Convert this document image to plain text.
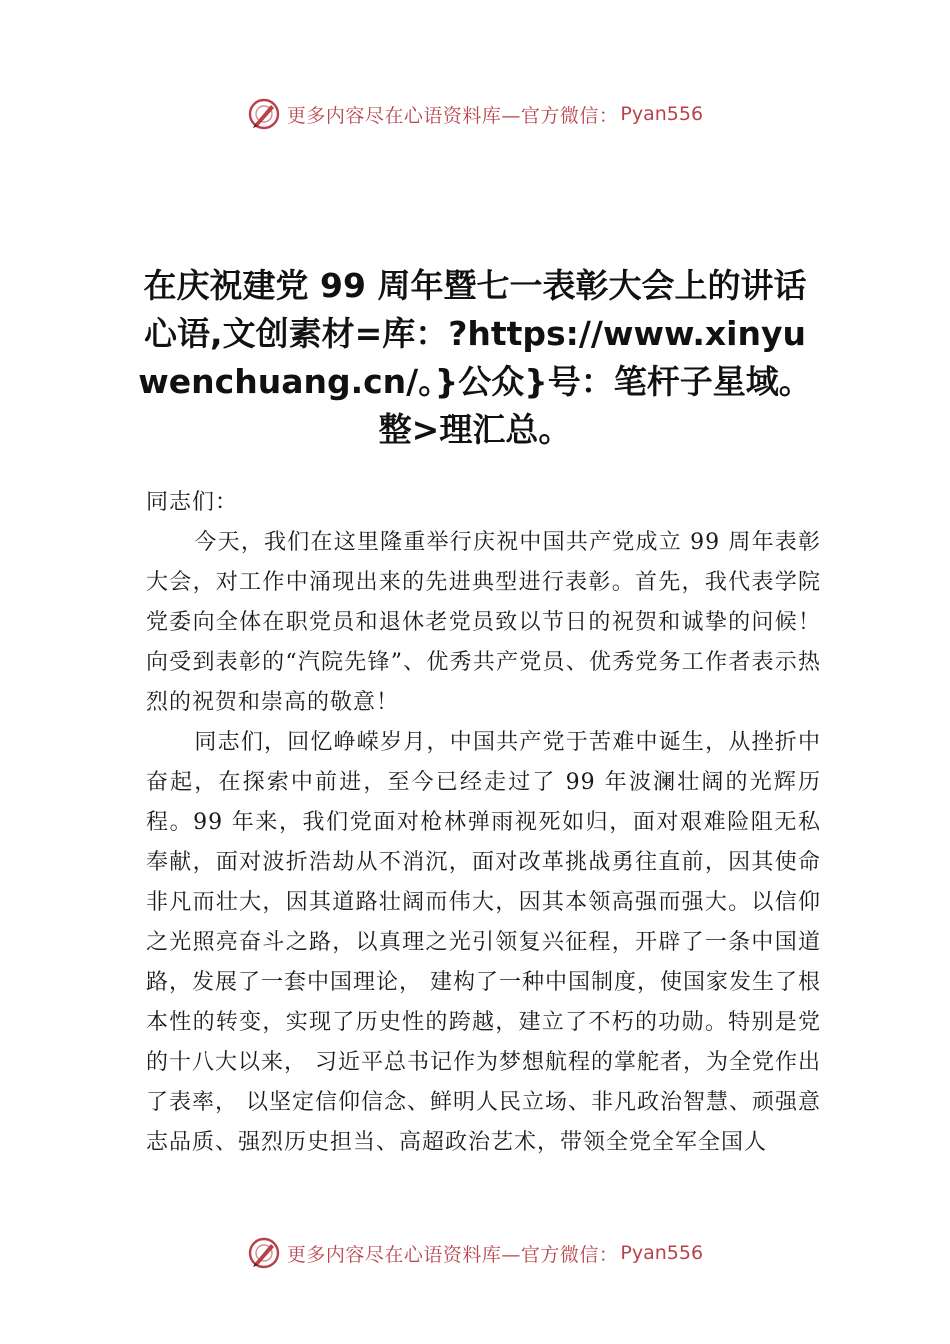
更多内容尽在心语资料库—官方微信： Pyan556
在庆祝建党 99 周年暨七一表彰大会上的讲话心语,文创素材=库：?https://www.xinyuwenchuang.cn/。}公众}号：笔杆子星域。整>理汇总。

同志们：

今天，我们在这里隆重举行庆祝中国共产党成立 99 周年表彰大会，对工作中涌现出来的先进典型进行表彰。首先，我代表学院党委向全体在职党员和退休老党员致以节日的祝贺和诚挚的问候！向受到表彰的“汽院先锋”、优秀共产党员、优秀党务工作者表示热烈的祝贺和崇高的敬意！

同志们，回忆峥嵘岁月，中国共产党于苦难中诞生，从挫折中奋起，在探索中前进，至今已经走过了 99 年波澜壮阔的光辉历程。99 年来，我们党面对枪林弹雨视死如归，面对艰难险阻无私奉献，面对波折浩劫从不消沉，面对改革挑战勇往直前，因其使命非凡而壮大，因其道路壮阔而伟大，因其本领高强而强大。以信仰之光照亮奋斗之路，以真理之光引领复兴征程，开辟了一条中国道路，发展了一套中国理论， 建构了一种中国制度，使国家发生了根本性的转变，实现了历史性的跨越，建立了不朽的功勋。特别是党的十八大以来， 习近平总书记作为梦想航程的掌舵者，为全党作出了表率， 以坚定信仰信念、鲜明人民立场、非凡政治智慧、顽强意志品质、强烈历史担当、高超政治艺术，带领全党全军全国人

更多内容尽在心语资料库—官方微信： Pyan556
